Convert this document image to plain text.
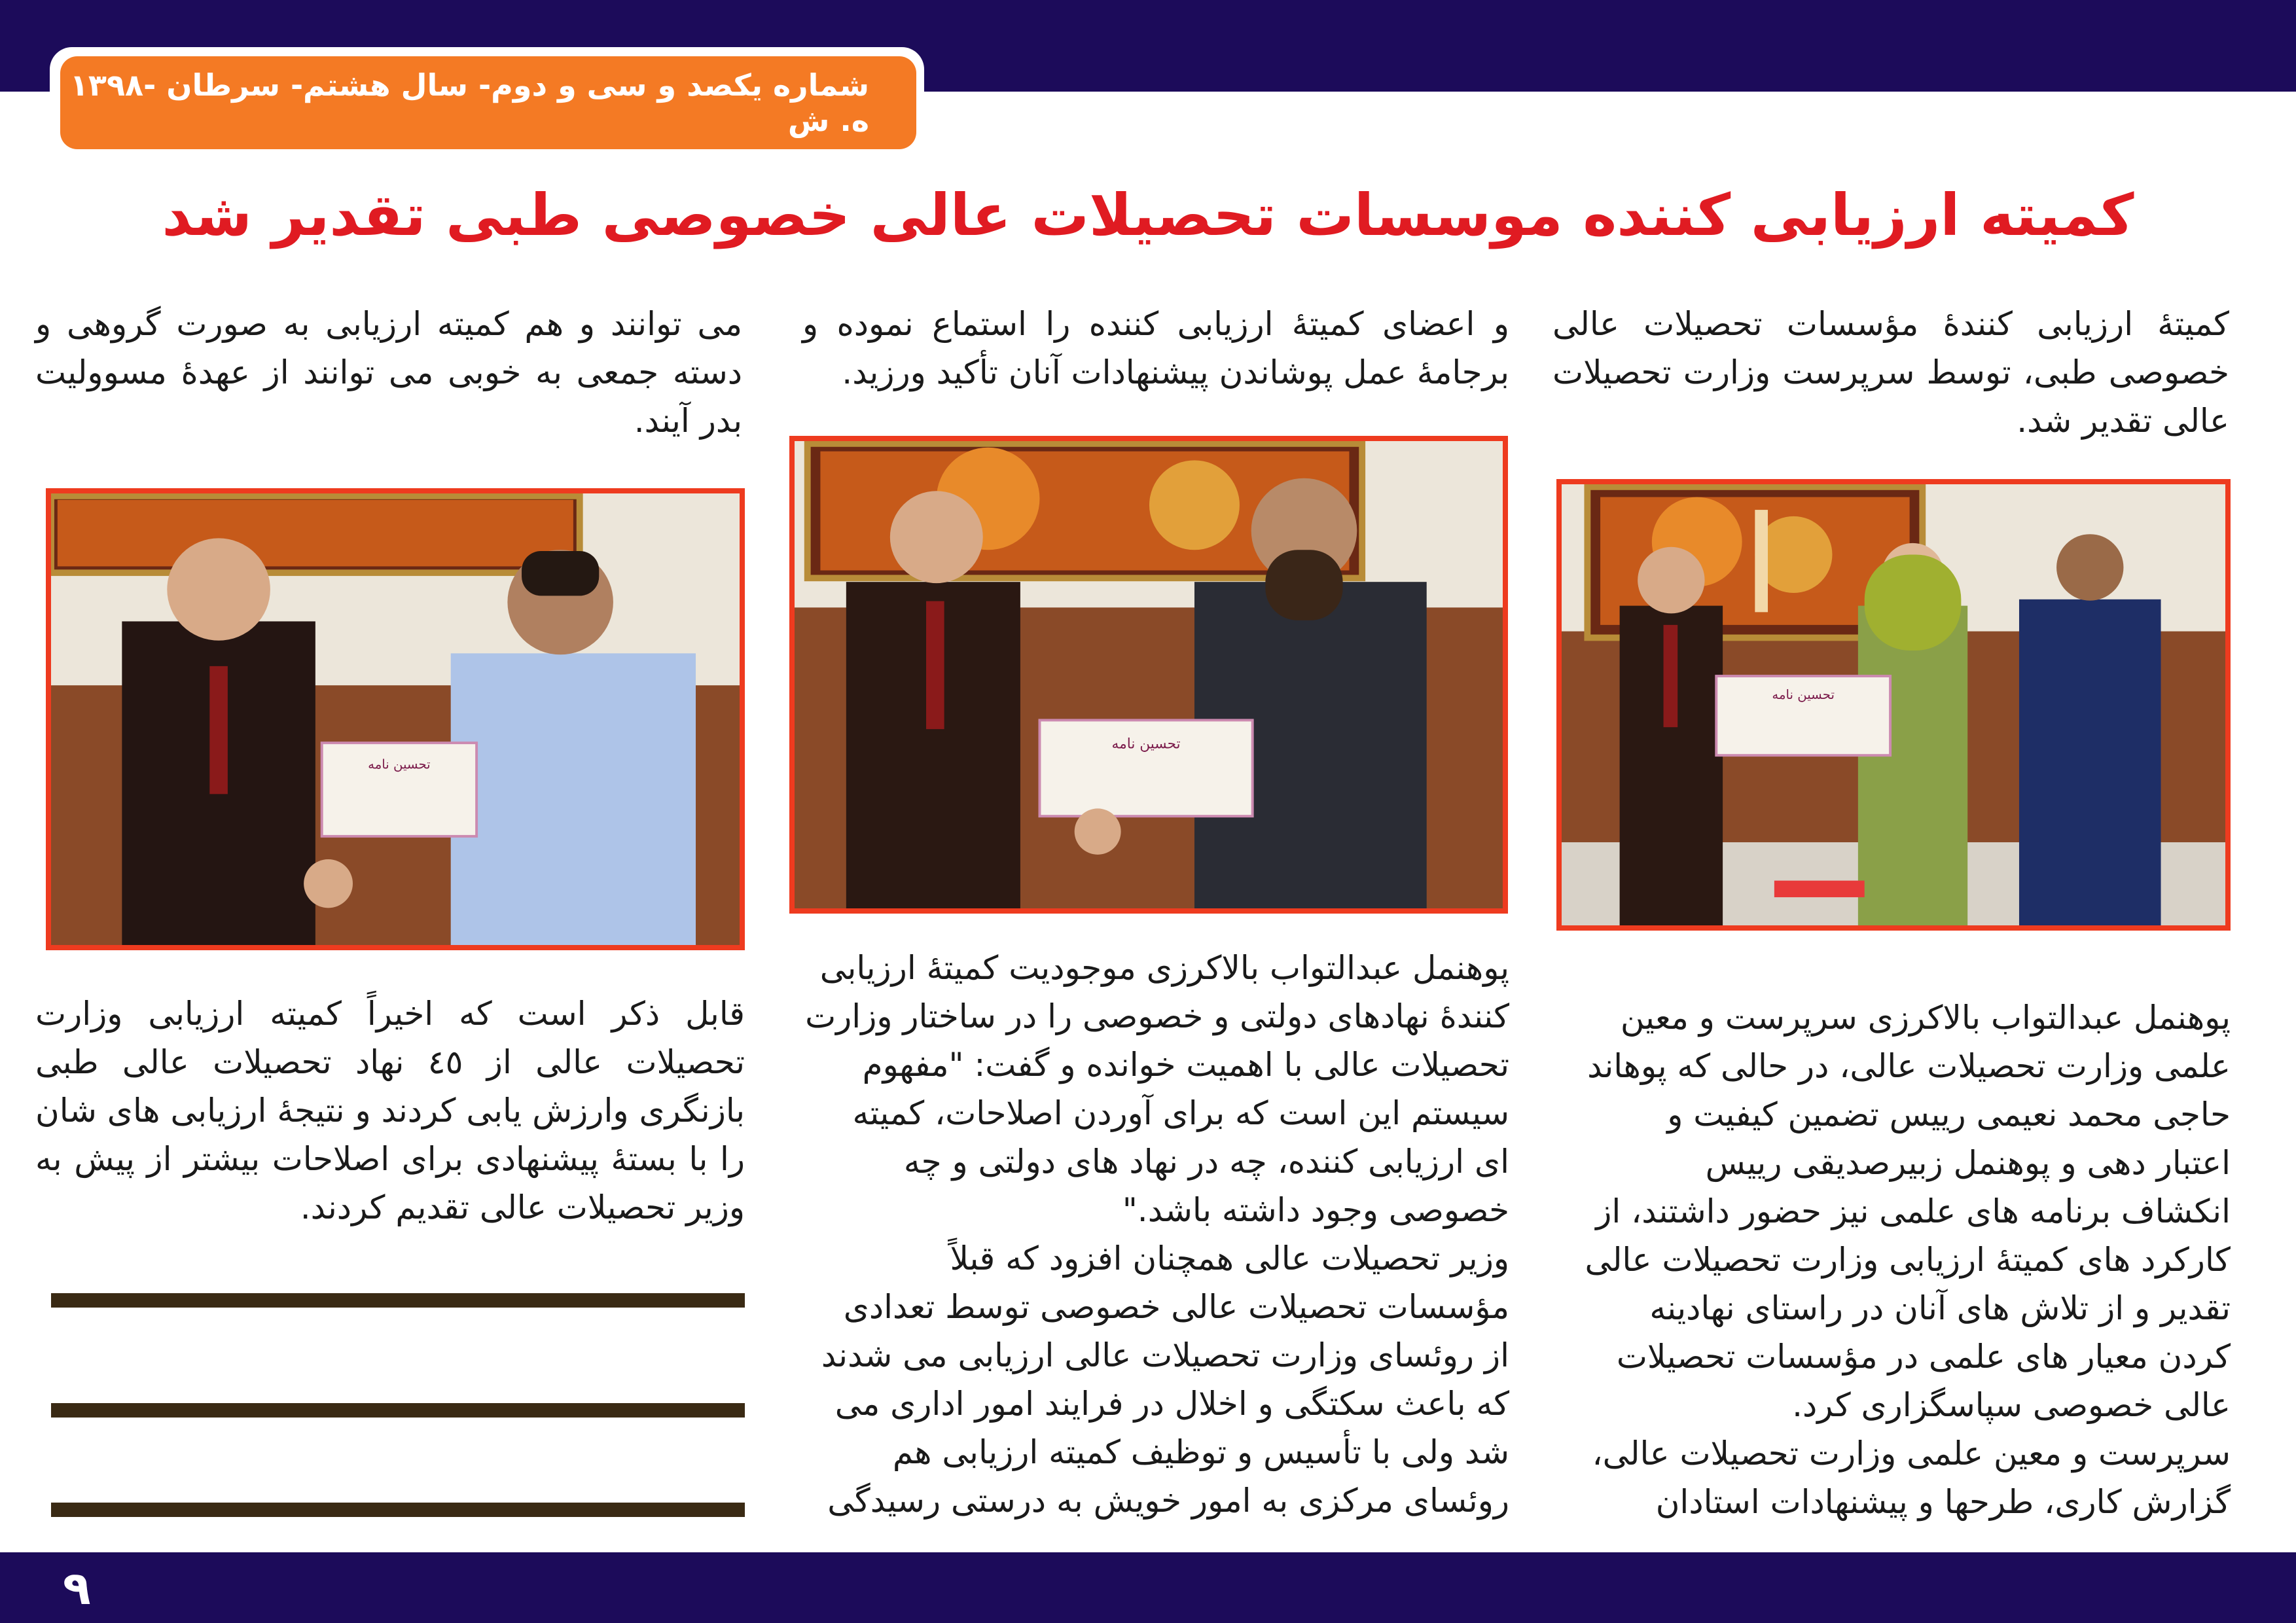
شماره یکصد و سی و دوم- سال هشتم- سرطان -۱۳۹۸ ه. ش
کمیته ارزیابی کننده موسسات تحصیلات عالی خصوصی طبی تقدیر شد
کمیتۀ ارزیابی کنندۀ مؤسسات تحصیلات عالی خصوصی طبی، توسط سرپرست وزارت تحصیلات عالی تقدیر شد.
تحسین نامه
پوهنمل عبدالتواب بالاکرزی سرپرست و معین
علمی وزارت تحصیلات عالی، در حالی که پوهاند
حاجی محمد نعیمی رییس تضمین کیفیت و
اعتبار دهی و پوهنمل زبیرصدیقی رییس
انکشاف برنامه های علمی نیز حضور داشتند، از
کارکرد های کمیتۀ ارزیابی وزارت تحصیلات عالی
تقدیر و از تلاش های آنان در راستای نهادینه
کردن معیار های علمی در مؤسسات تحصیلات
عالی خصوصی سپاسگزاری کرد.
سرپرست و معین علمی وزارت تحصیلات عالی،
گزارش کاری، طرحها و پیشنهادات استادان
و اعضای کمیتۀ ارزیابی کننده را استماع نموده و برجامۀ عمل پوشاندن پیشنهادات آنان تأکید ورزید.
تحسین نامه
پوهنمل عبدالتواب بالاکرزی موجودیت کمیتۀ ارزیابی
کنندۀ نهادهای دولتی و خصوصی را در ساختار وزارت
تحصیلات عالی با اهمیت خوانده و گفت: "مفهوم
سیستم این است که برای آوردن اصلاحات، کمیته
ای ارزیابی کننده، چه در نهاد های دولتی و چه
خصوصی وجود داشته باشد."
وزیر تحصیلات عالی همچنان افزود که قبلاً
مؤسسات تحصیلات عالی خصوصی توسط تعدادی
از روئسای وزارت تحصیلات عالی ارزیابی می شدند
که باعث سکتگی و اخلال در فرایند امور اداری می
شد ولی با تأسیس و توظیف کمیته ارزیابی هم
روئسای مرکزی به امور خویش به درستی رسیدگی
می توانند و هم کمیته ارزیابی به صورت گروهی و دسته جمعی به خوبی می توانند از عهدۀ مسوولیت بدر آیند.
تحسین نامه
قابل ذکر است که اخیراً کمیته ارزیابی وزارت تحصیلات عالی از ٤٥ نهاد تحصیلات عالی طبی بازنگری وارزش یابی کردند و نتیجۀ ارزیابی های شان را با بستۀ پیشنهادی برای اصلاحات بیشتر از پیش به وزیر تحصیلات عالی تقدیم کردند.
۹
